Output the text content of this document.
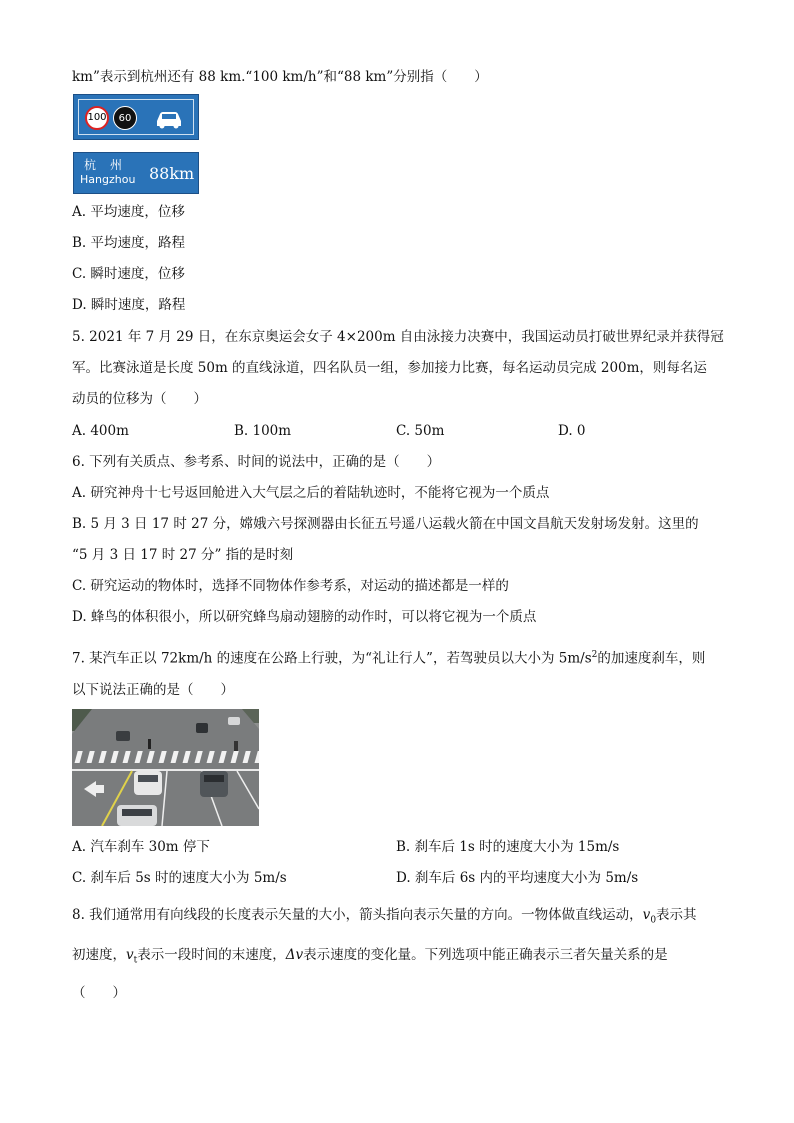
km”表示到杭州还有 88 km.“100 km/h”和“88 km”分别指（　　）
100	60
杭州
Hangzhou 88km
A. 平均速度，位移
B. 平均速度，路程
C. 瞬时速度，位移
D. 瞬时速度，路程
5. 2021 年 7 月 29 日，在东京奥运会女子 4×200m 自由泳接力决赛中，我国运动员打破世界纪录并获得冠
军。比赛泳道是长度 50m 的直线泳道，四名队员一组，参加接力比赛，每名运动员完成 200m，则每名运
动员的位移为（　　）
A. 400m	B. 100m	C. 50m	D. 0
6. 下列有关质点、参考系、时间的说法中，正确的是（　　）
A. 研究神舟十七号返回舱进入大气层之后的着陆轨迹时，不能将它视为一个质点
B. 5 月 3 日 17 时 27 分，嫦娥六号探测器由长征五号遥八运载火箭在中国文昌航天发射场发射。这里的
“5 月 3 日 17 时 27 分” 指的是时刻
C. 研究运动的物体时，选择不同物体作参考系，对运动的描述都是一样的
D. 蜂鸟的体积很小，所以研究蜂鸟扇动翅膀的动作时，可以将它视为一个质点
7. 某汽车正以 72km/h 的速度在公路上行驶，为“礼让行人”，若驾驶员以大小为 $5m/s^2$的加速度刹车，则
以下说法正确的是（　　）
A. 汽车刹车 30m 停下	B. 刹车后 1s 时的速度大小为 15m/s
C. 刹车后 5s 时的速度大小为 5m/s	D. 刹车后 6s 内的平均速度大小为 5m/s
8. 我们通常用有向线段的长度表示矢量的大小，箭头指向表示矢量的方向。一物体做直线运动，$v_0$表示其
初速度，$v_t$表示一段时间的末速度，Δv表示速度的变化量。下列选项中能正确表示三者矢量关系的是
（　　）
